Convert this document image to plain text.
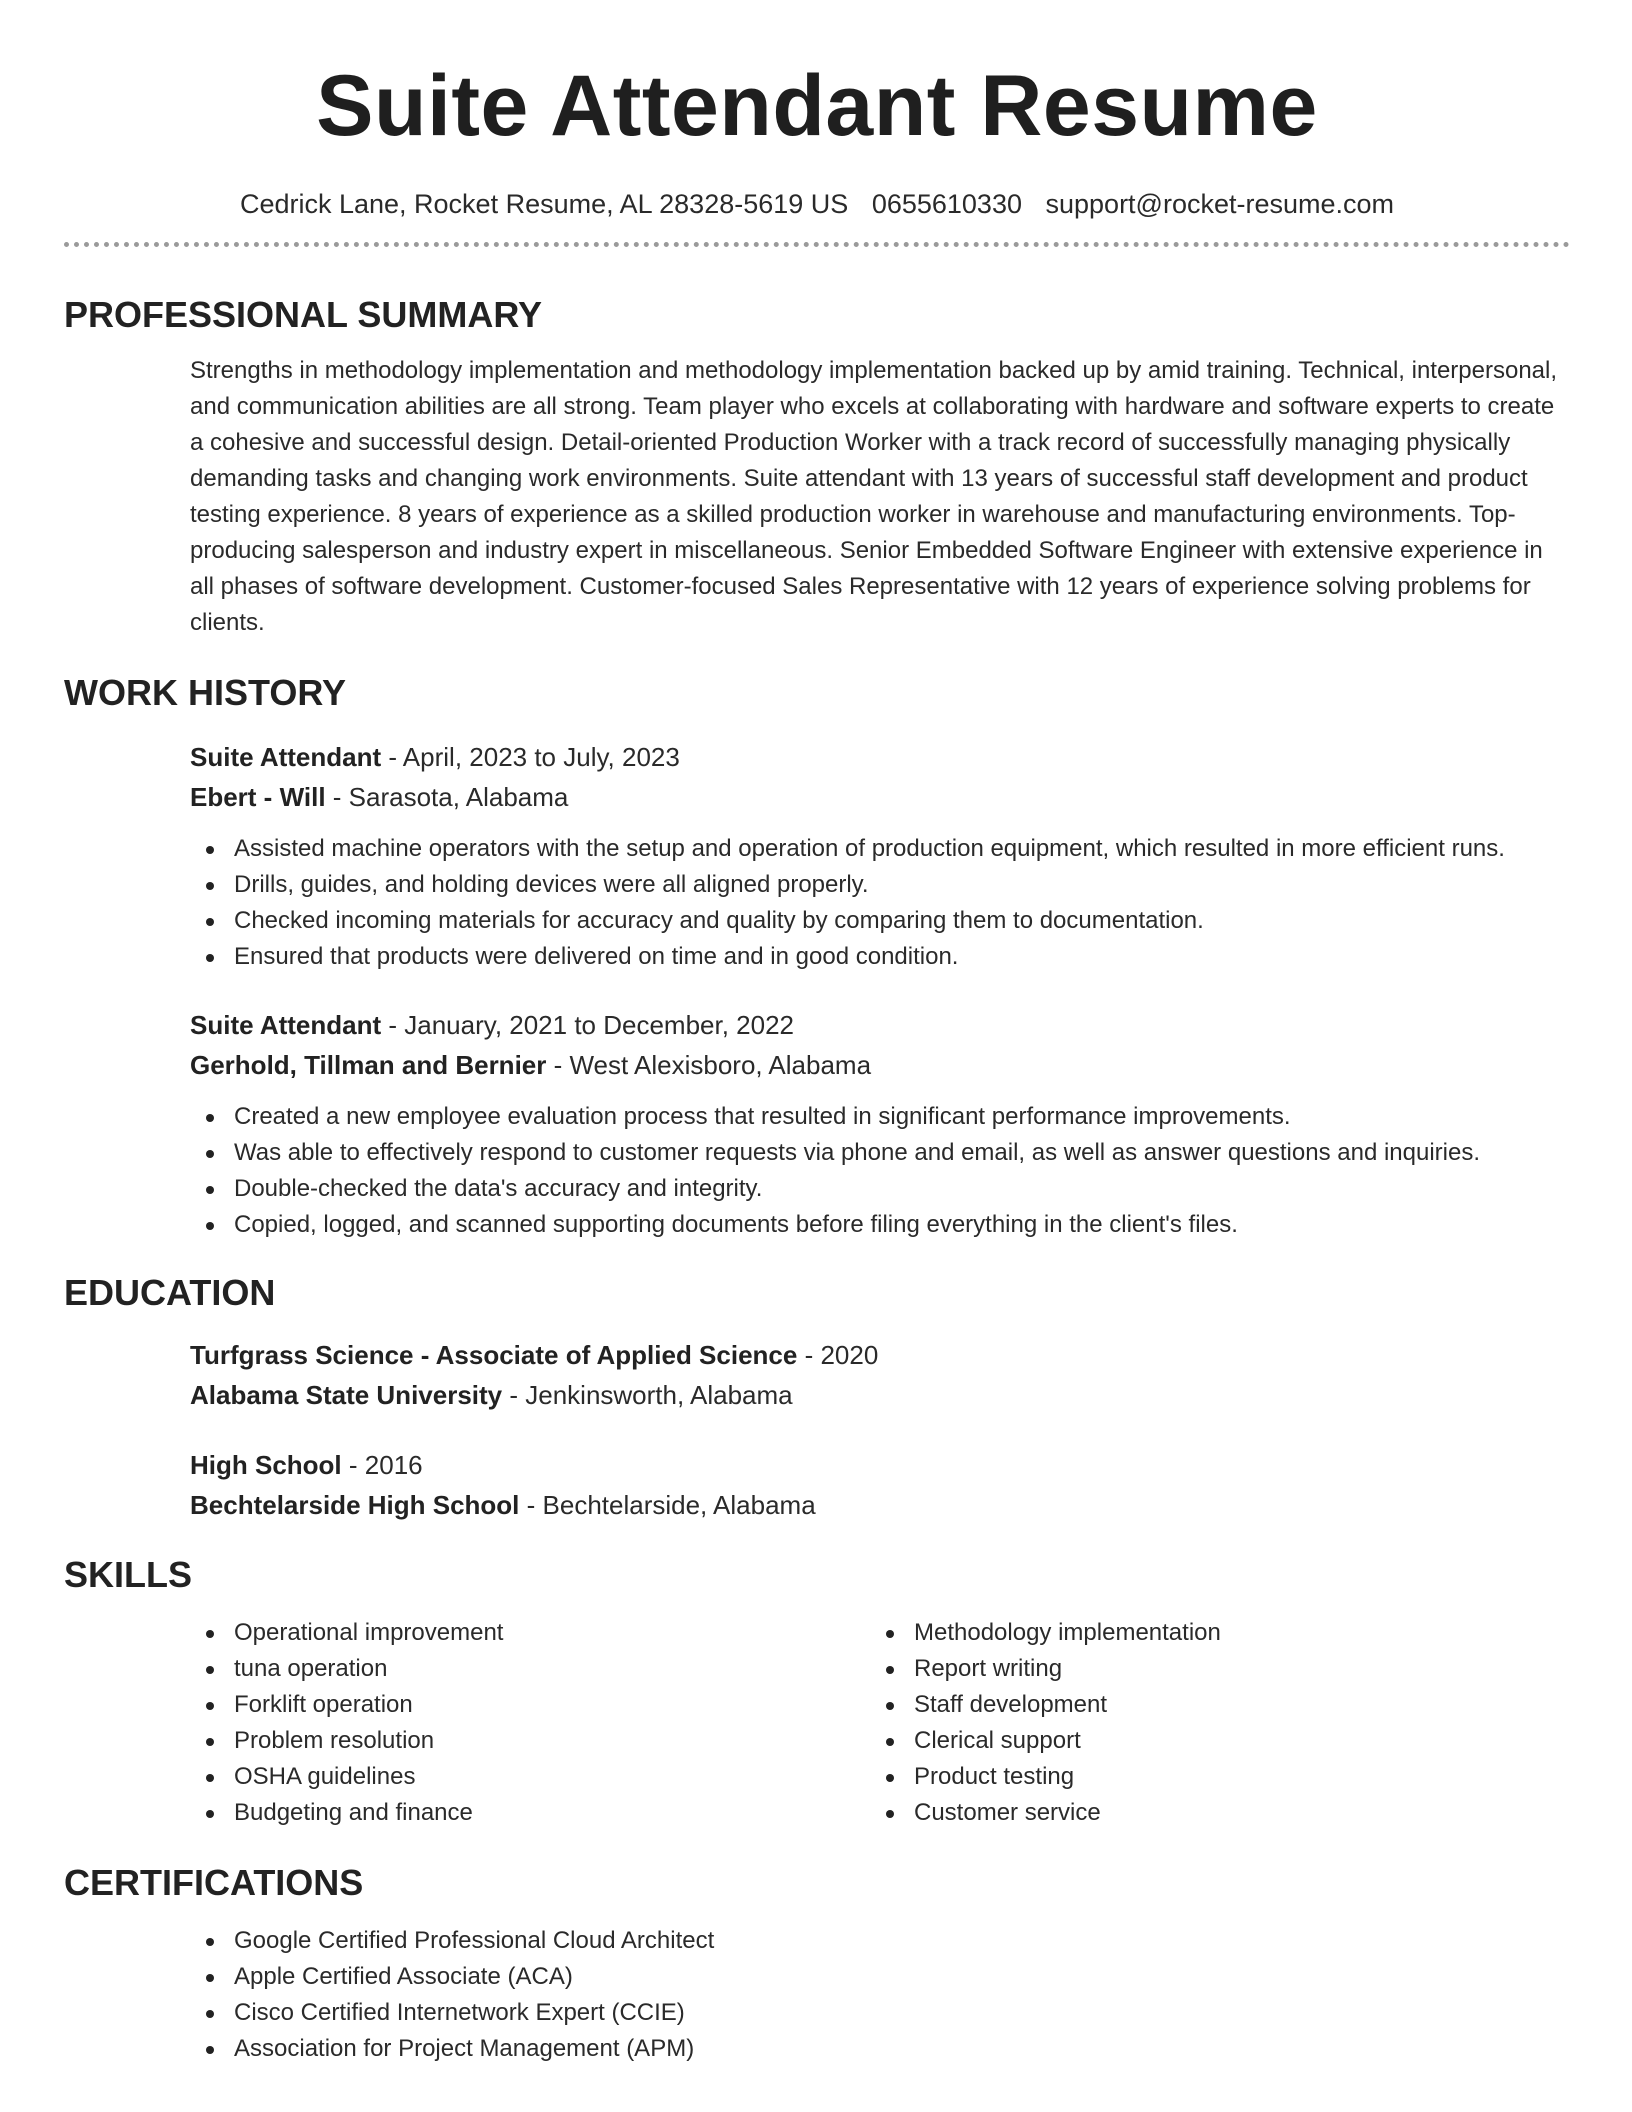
Suite Attendant Resume
Cedrick Lane, Rocket Resume, AL 28328-5619 US 0655610330 support@rocket-resume.com
PROFESSIONAL SUMMARY
Strengths in methodology implementation and methodology implementation backed up by amid training. Technical, interpersonal, and communication abilities are all strong. Team player who excels at collaborating with hardware and software experts to create a cohesive and successful design. Detail-oriented Production Worker with a track record of successfully managing physically demanding tasks and changing work environments. Suite attendant with 13 years of successful staff development and product testing experience. 8 years of experience as a skilled production worker in warehouse and manufacturing environments. Top-producing salesperson and industry expert in miscellaneous. Senior Embedded Software Engineer with extensive experience in all phases of software development. Customer-focused Sales Representative with 12 years of experience solving problems for clients.
WORK HISTORY
Suite Attendant - April, 2023 to July, 2023
Ebert - Will - Sarasota, Alabama
Assisted machine operators with the setup and operation of production equipment, which resulted in more efficient runs.
Drills, guides, and holding devices were all aligned properly.
Checked incoming materials for accuracy and quality by comparing them to documentation.
Ensured that products were delivered on time and in good condition.
Suite Attendant - January, 2021 to December, 2022
Gerhold, Tillman and Bernier - West Alexisboro, Alabama
Created a new employee evaluation process that resulted in significant performance improvements.
Was able to effectively respond to customer requests via phone and email, as well as answer questions and inquiries.
Double-checked the data's accuracy and integrity.
Copied, logged, and scanned supporting documents before filing everything in the client's files.
EDUCATION
Turfgrass Science - Associate of Applied Science - 2020
Alabama State University - Jenkinsworth, Alabama
High School - 2016
Bechtelarside High School - Bechtelarside, Alabama
SKILLS
Operational improvement
tuna operation
Forklift operation
Problem resolution
OSHA guidelines
Budgeting and finance
Methodology implementation
Report writing
Staff development
Clerical support
Product testing
Customer service
CERTIFICATIONS
Google Certified Professional Cloud Architect
Apple Certified Associate (ACA)
Cisco Certified Internetwork Expert (CCIE)
Association for Project Management (APM)
